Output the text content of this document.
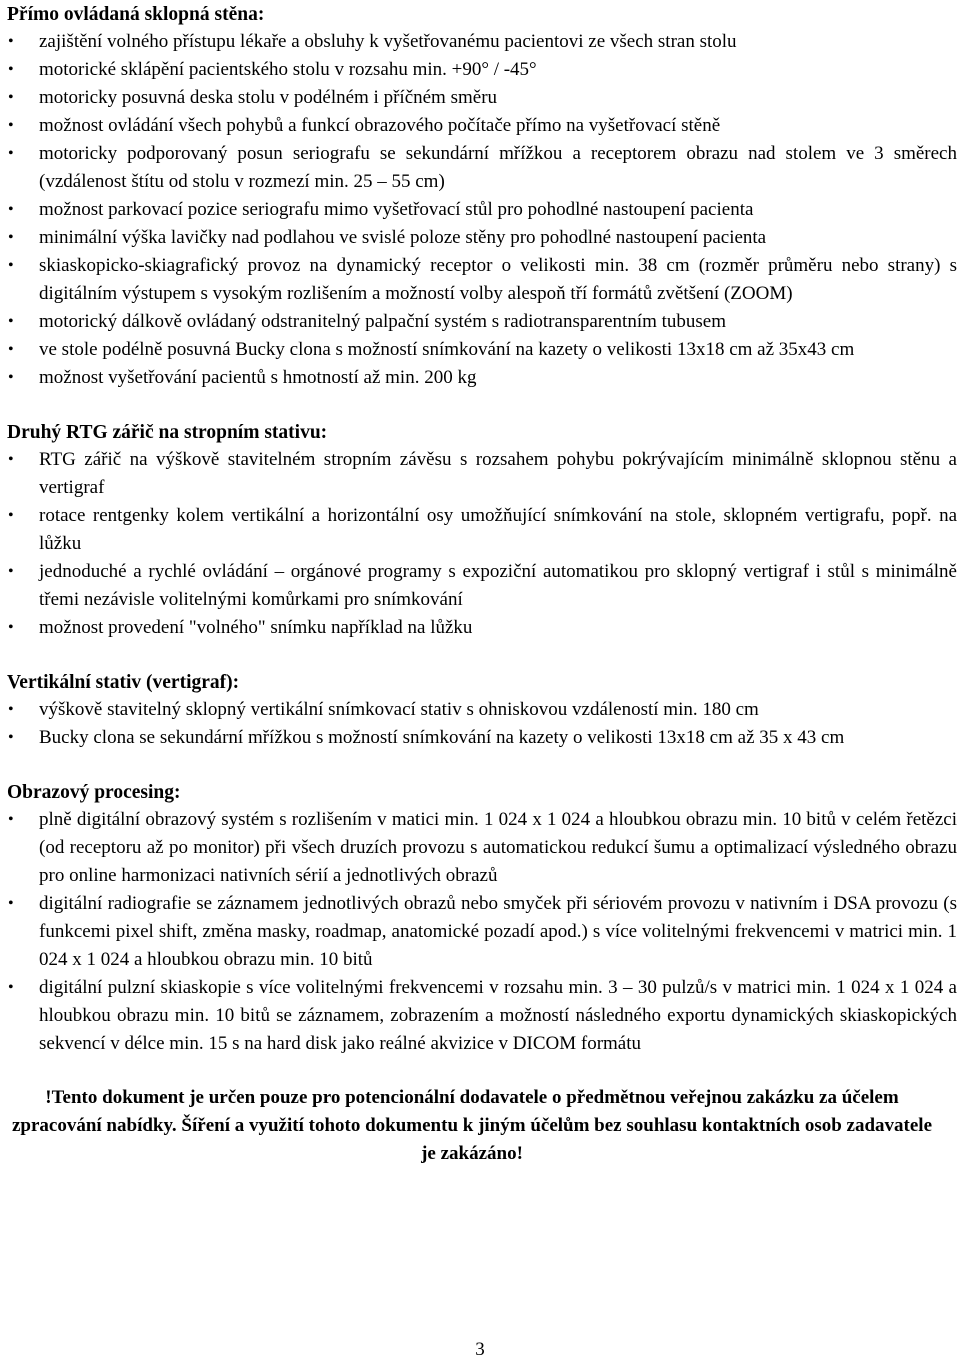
Přímo ovládaná sklopná stěna:
• zajištění volného přístupu lékaře a obsluhy k vyšetřovanému pacientovi ze všech stran stolu
• motorické sklápění pacientského stolu v rozsahu min. +90° / -45°
• motoricky posuvná deska stolu v podélném i příčném směru
• možnost ovládání všech pohybů a funkcí obrazového počítače přímo na vyšetřovací stěně
• motoricky podporovaný posun seriografu se sekundární mřížkou a receptorem obrazu nad stolem ve 3 směrech (vzdálenost štítu od stolu v rozmezí min. 25 – 55 cm)
• možnost parkovací pozice seriografu mimo vyšetřovací stůl pro pohodlné nastoupení pacienta
• minimální výška lavičky nad podlahou ve svislé poloze stěny pro pohodlné nastoupení pacienta
• skiaskopicko-skiagrafický provoz na dynamický receptor o velikosti min. 38 cm (rozměr průměru nebo strany) s digitálním výstupem s vysokým rozlišením a možností volby alespoň tří formátů zvětšení (ZOOM)
• motorický dálkově ovládaný odstranitelný palpační systém s radiotransparentním tubusem
• ve stole podélně posuvná Bucky clona s možností snímkování na kazety o velikosti 13x18 cm až 35x43 cm
• možnost vyšetřování pacientů s hmotností až min. 200 kg
Druhý RTG zářič na stropním stativu:
• RTG zářič na výškově stavitelném stropním závěsu s rozsahem pohybu pokrývajícím minimálně sklopnou stěnu a vertigraf
• rotace rentgenky kolem vertikální a horizontální osy umožňující snímkování na stole, sklopném vertigrafu, popř. na lůžku
• jednoduché a rychlé ovládání – orgánové programy s expoziční automatikou pro sklopný vertigraf i stůl s minimálně třemi nezávisle volitelnými komůrkami pro snímkování
• možnost provedení "volného" snímku například na lůžku
Vertikální stativ (vertigraf):
• výškově stavitelný sklopný vertikální snímkovací stativ s ohniskovou vzdáleností min. 180 cm
• Bucky clona se sekundární mřížkou s možností snímkování na kazety o velikosti 13x18 cm až 35 x 43 cm
Obrazový procesing:
• plně digitální obrazový systém s rozlišením v matici min. 1 024 x 1 024 a hloubkou obrazu min. 10 bitů v celém řetězci (od receptoru až po monitor) při všech druzích provozu s automatickou redukcí šumu a optimalizací výsledného obrazu pro online harmonizaci nativních sérií a jednotlivých obrazů
• digitální radiografie se záznamem jednotlivých obrazů nebo smyček při sériovém provozu v nativním i DSA provozu (s funkcemi pixel shift, změna masky, roadmap, anatomické pozadí apod.) s více volitelnými frekvencemi v matrici min. 1 024 x 1 024 a hloubkou obrazu min. 10 bitů
• digitální pulzní skiaskopie s více volitelnými frekvencemi v rozsahu min. 3 – 30 pulzů/s v matrici min. 1 024 x 1 024 a hloubkou obrazu min. 10 bitů se záznamem, zobrazením a možností následného exportu dynamických skiaskopických sekvencí v délce min. 15 s na hard disk jako reálné akvizice v DICOM formátu
!Tento dokument je určen pouze pro potencionální dodavatele o předmětnou veřejnou zakázku za účelem zpracování nabídky. Šíření a využití tohoto dokumentu k jiným účelům bez souhlasu kontaktních osob zadavatele je zakázáno!
3
